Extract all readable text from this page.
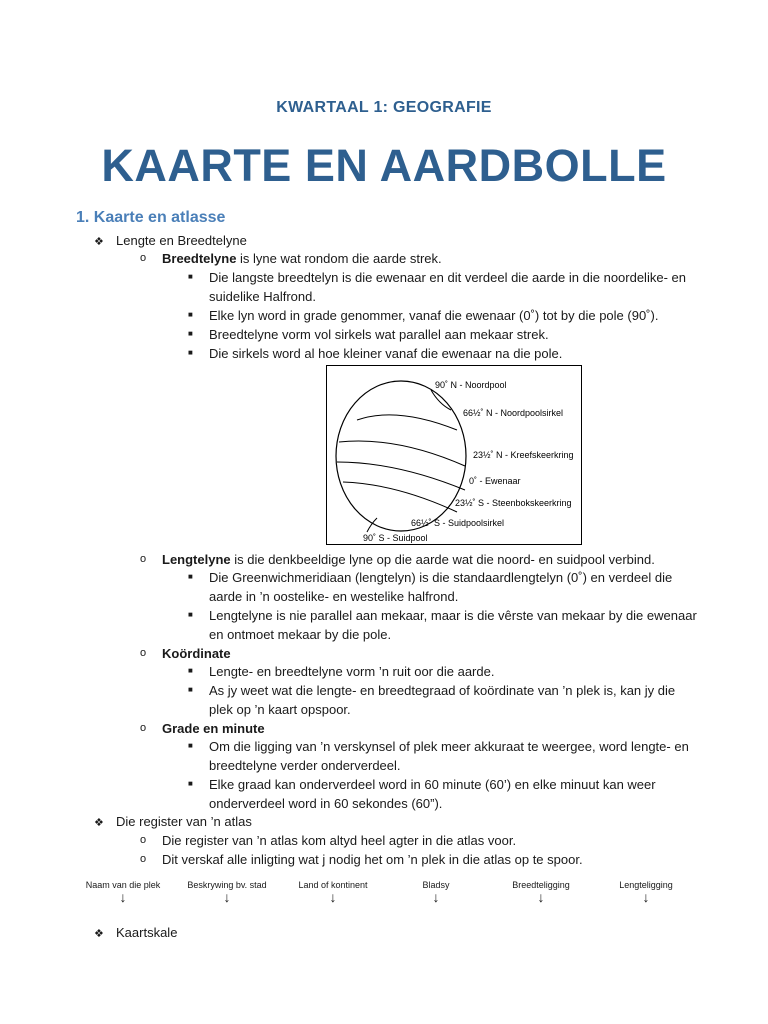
KWARTAAL 1: GEOGRAFIE
KAARTE EN AARDBOLLE
1. Kaarte en atlasse
❖ Lengte en Breedtelyne
o Breedtelyne is lyne wat rondom die aarde strek.
■ Die langste breedtelyn is die ewenaar en dit verdeel die aarde in die noordelike- en
suidelike Halfrond.
■ Elke lyn word in grade genommer, vanaf die ewenaar (0˚) tot by die pole (90˚).
■ Breedtelyne vorm vol sirkels wat parallel aan mekaar strek.
■ Die sirkels word al hoe kleiner vanaf die ewenaar na die pole.
90˚ N - Noordpool
66½˚ N - Noordpoolsirkel
23½˚ N - Kreefskeerkring
0˚ - Ewenaar
23½˚ S - Steenbokskeerkring
66½˚ S - Suidpoolsirkel
90˚ S - Suidpool
o Lengtelyne is die denkbeeldige lyne op die aarde wat die noord- en suidpool verbind.
■ Die Greenwichmeridiaan (lengtelyn) is die standaardlengtelyn (0˚) en verdeel die
aarde in ’n oostelike- en westelike halfrond.
■ Lengtelyne is nie parallel aan mekaar, maar is die vêrste van mekaar by die ewenaar
en ontmoet mekaar by die pole.
o Koördinate
■ Lengte- en breedtelyne vorm ’n ruit oor die aarde.
■ As jy weet wat die lengte- en breedtegraad of koördinate van ’n plek is, kan jy die
plek op ’n kaart opspoor.
o Grade en minute
■ Om die ligging van ’n verskynsel of plek meer akkuraat te weergee, word lengte- en
breedtelyne verder onderverdeel.
■ Elke graad kan onderverdeel word in 60 minute (60’) en elke minuut kan weer
onderverdeel word in 60 sekondes (60”).
❖ Die register van ’n atlas
o Die register van ’n atlas kom altyd heel agter in die atlas voor.
o Dit verskaf alle inligting wat j nodig het om ’n plek in die atlas op te spoor.
Naam van die plek
↓
Beskrywing bv. stad
↓
Land of kontinent
↓
Bladsy
↓
Breedteligging
↓
Lengteligging
↓
❖ Kaartskale
